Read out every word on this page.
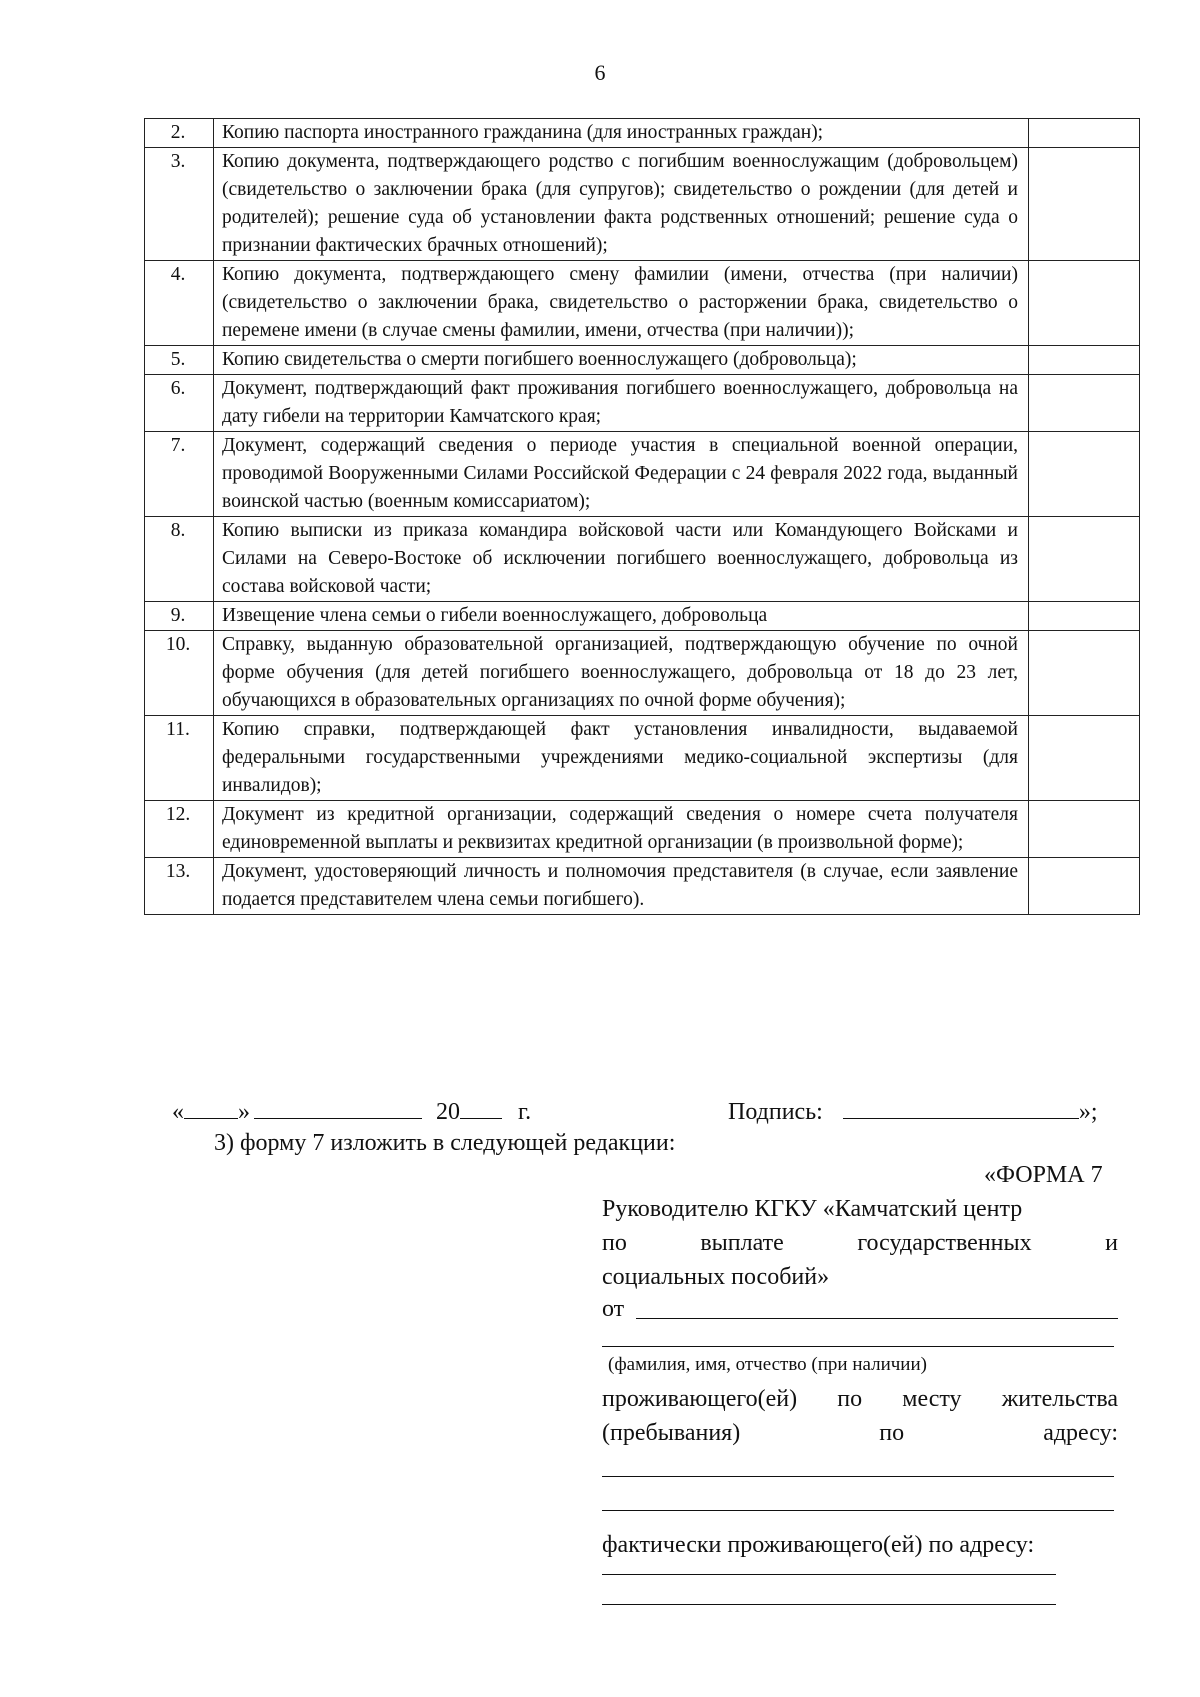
6
2.	Копию паспорта иностранного гражданина (для иностранных граждан);	
3.	Копию документа, подтверждающего родство с погибшим военнослужащим (добровольцем) (свидетельство о заключении брака (для супругов); свидетельство о рождении (для детей и родителей); решение суда об установлении факта родственных отношений; решение суда о признании фактических брачных отношений);	
4.	Копию документа, подтверждающего смену фамилии (имени, отчества (при наличии) (свидетельство о заключении брака, свидетельство о расторжении брака, свидетельство о перемене имени (в случае смены фамилии, имени, отчества (при наличии));	
5.	Копию свидетельства о смерти погибшего военнослужащего (добровольца);	
6.	Документ, подтверждающий факт проживания погибшего военнослужащего, добровольца на дату гибели на территории Камчатского края;	
7.	Документ, содержащий сведения о периоде участия в специальной военной операции, проводимой Вооруженными Силами Российской Федерации с 24 февраля 2022 года, выданный воинской частью (военным комиссариатом);	
8.	Копию выписки из приказа командира войсковой части или Командующего Войсками и Силами на Северо-Востоке об исключении погибшего военнослужащего, добровольца из состава войсковой части;	
9.	Извещение члена семьи о гибели военнослужащего, добровольца	
10.	Справку, выданную образовательной организацией, подтверждающую обучение по очной форме обучения (для детей погибшего военнослужащего, добровольца от 18 до 23 лет, обучающихся в образовательных организациях по очной форме обучения);	
11.	Копию справки, подтверждающей факт установления инвалидности, выдаваемой федеральными государственными учреждениями медико-социальной экспертизы (для инвалидов);	
12.	Документ из кредитной организации, содержащий сведения о номере счета получателя единовременной выплаты и реквизитах кредитной организации (в произвольной форме);	
13.	Документ, удостоверяющий личность и полномочия представителя (в случае, если заявление подается представителем члена семьи погибшего).	
« »	20 г.	Подпись:	»;
3) форму 7 изложить в следующей редакции:
«ФОРМА 7
Руководителю КГКУ «Камчатский центр
по выплате государственных и
социальных пособий»
от
(фамилия, имя, отчество (при наличии)
проживающего(ей) по месту жительства
(пребывания) по адресу:
фактически проживающего(ей) по адресу:
